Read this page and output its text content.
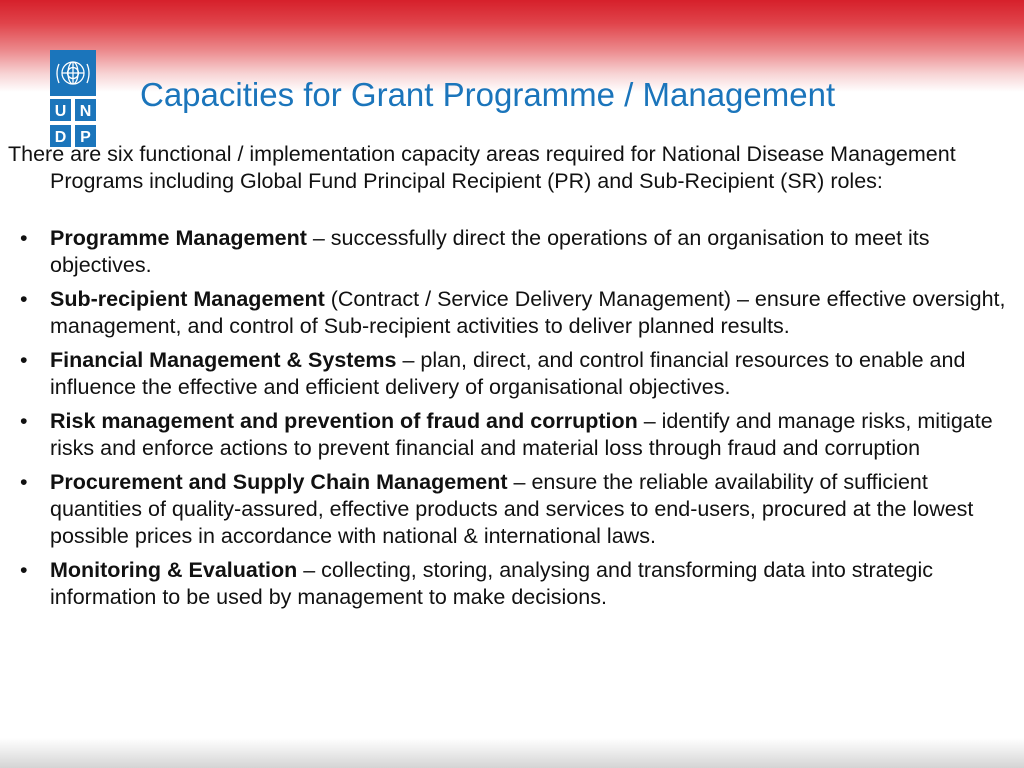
U N
D P
Capacities for Grant Programme / Management

There are six functional / implementation capacity areas required for National Disease Management Programs including Global Fund Principal Recipient (PR) and Sub-Recipient (SR) roles:

• Programme Management – successfully direct the operations of an organisation to meet its objectives.
• Sub-recipient Management (Contract / Service Delivery Management) – ensure effective oversight, management, and control of Sub-recipient activities to deliver planned results.
• Financial Management & Systems – plan, direct, and control financial resources to enable and influence the effective and efficient delivery of organisational objectives.
• Risk management and prevention of fraud and corruption – identify and manage risks, mitigate risks and enforce actions to prevent financial and material loss through fraud and corruption
• Procurement and Supply Chain Management – ensure the reliable availability of sufficient quantities of quality-assured, effective products and services to end-users, procured at the lowest possible prices in accordance with national & international laws.
• Monitoring & Evaluation – collecting, storing, analysing and transforming data into strategic information to be used by management to make decisions.
